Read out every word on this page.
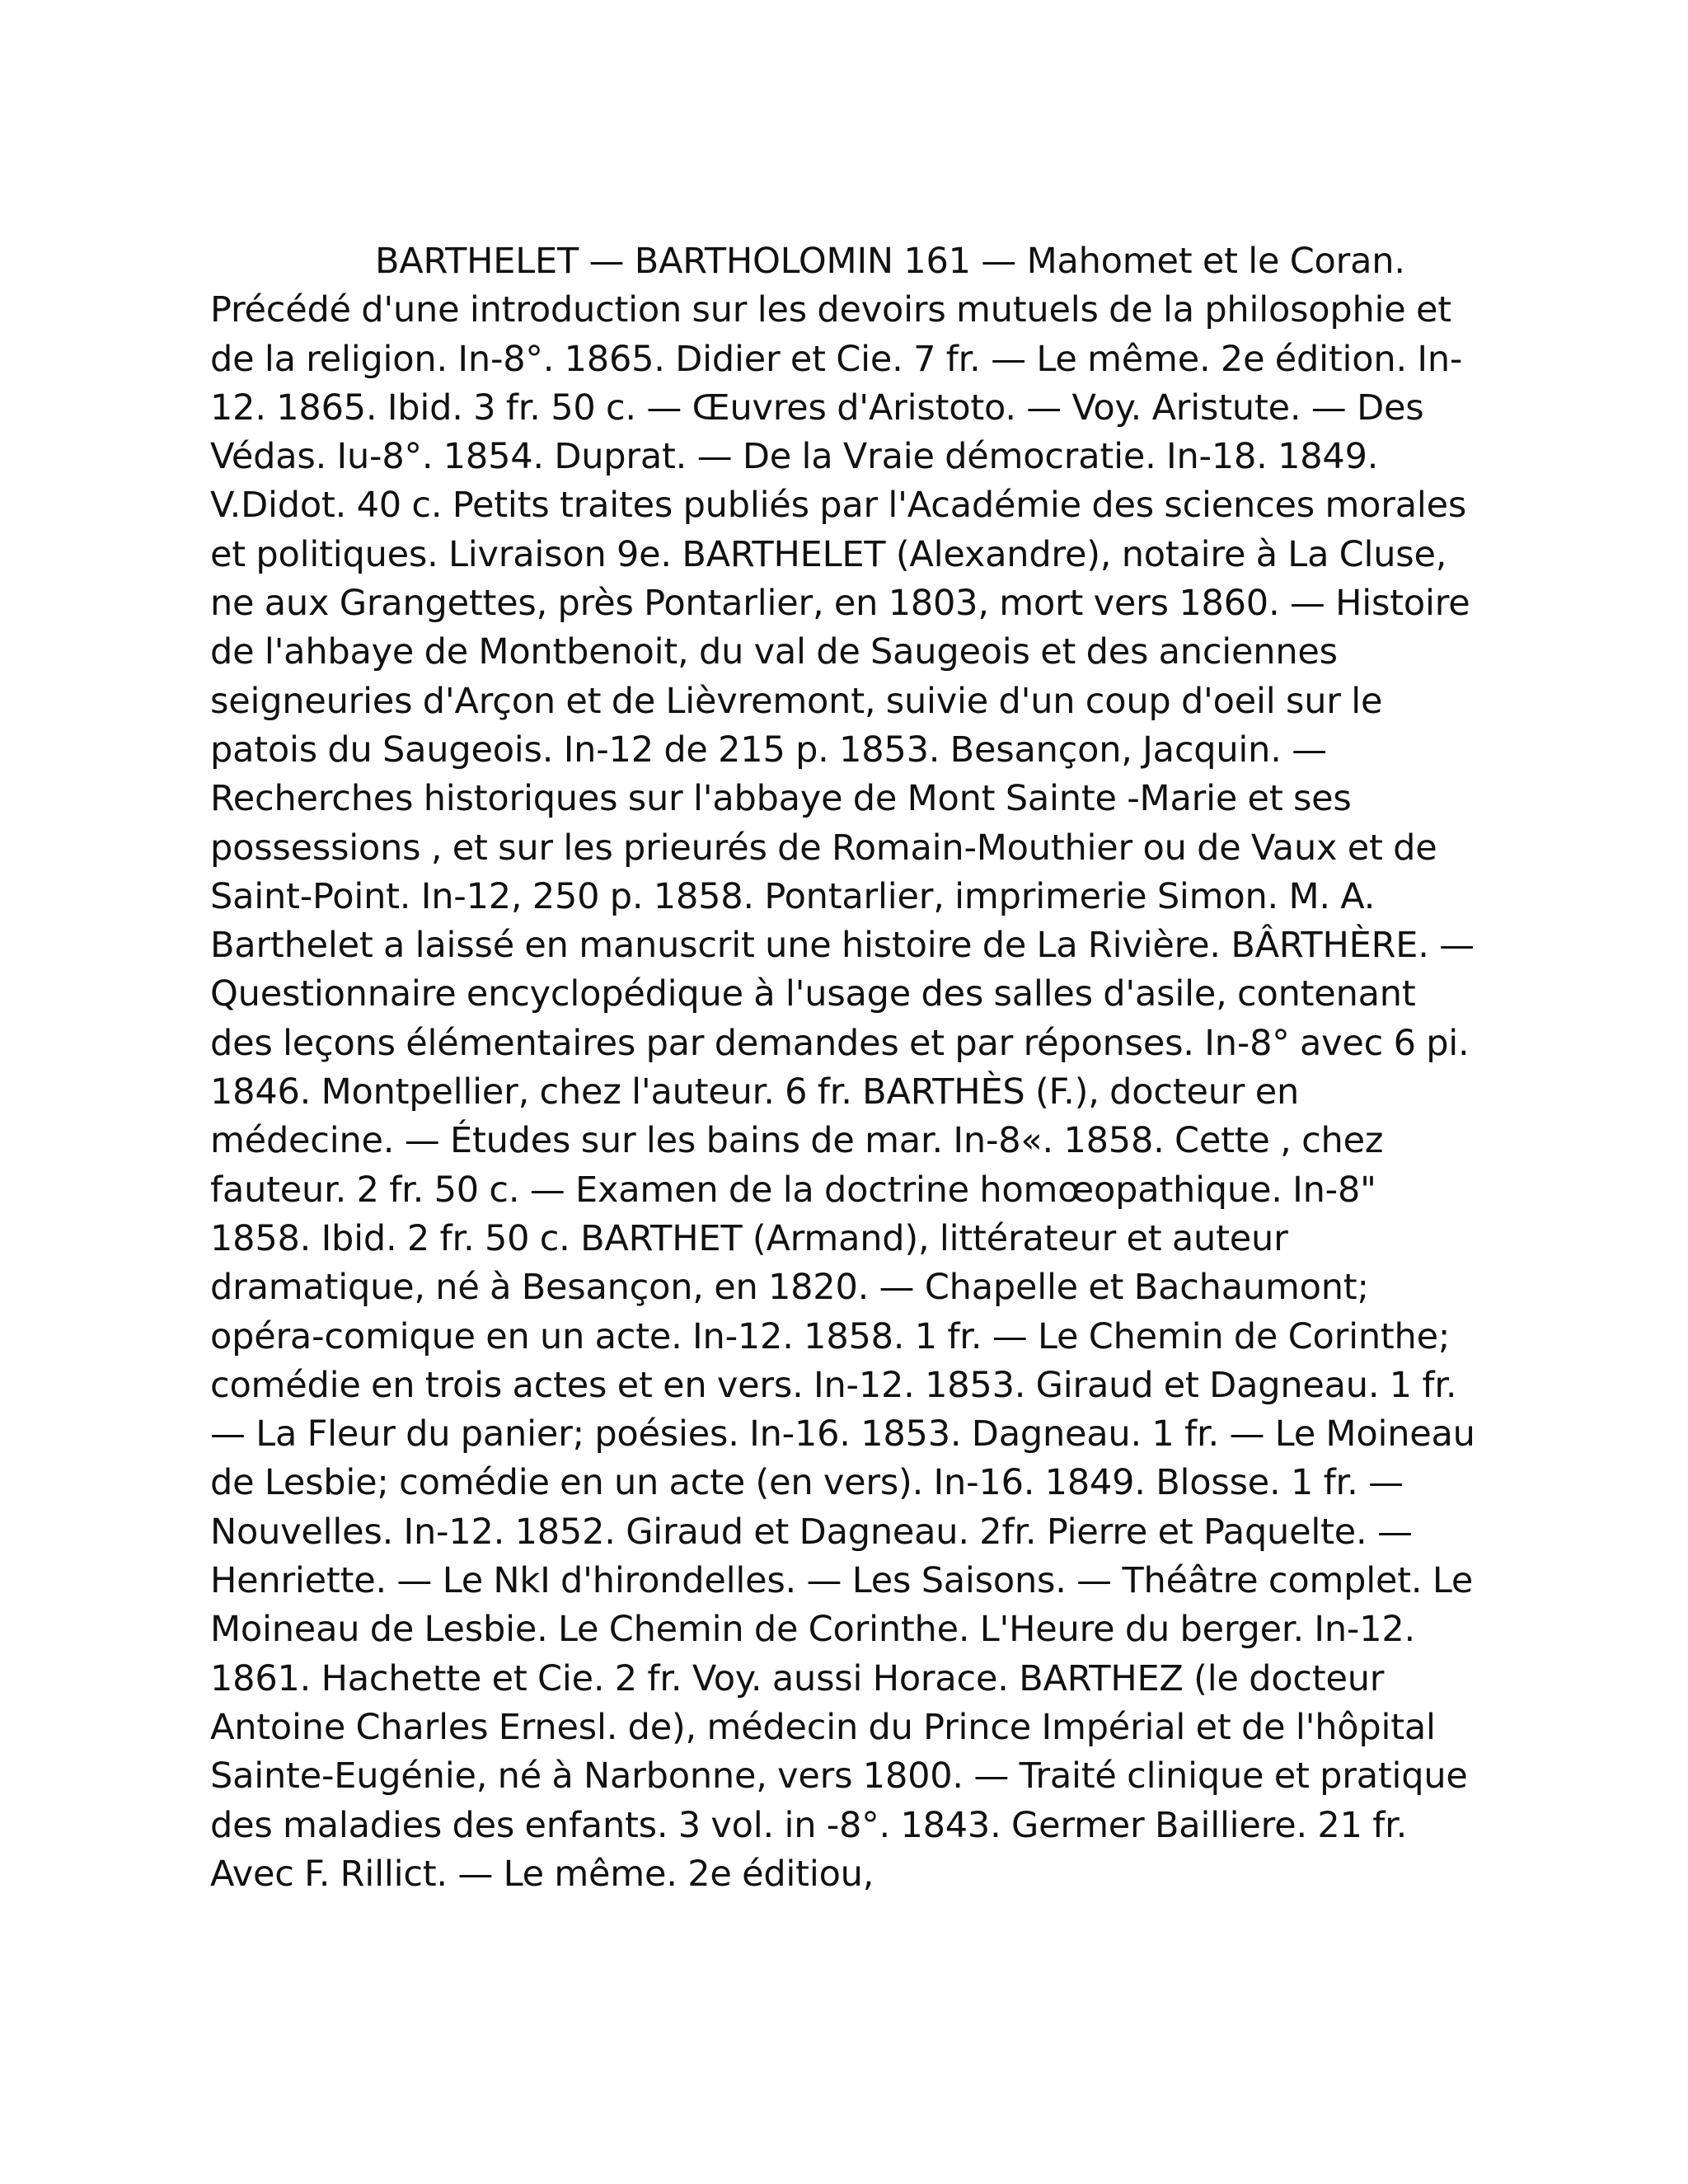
BARTHELET — BARTHOLOMIN 161 — Mahomet et le Coran. Précédé d'une introduction sur les devoirs mutuels de la philosophie et de la religion. In-8°. 1865. Didier et Cie. 7 fr. — Le même. 2e édition. In- 12. 1865. Ibid. 3 fr. 50 c. — Œuvres d'Aristoto. — Voy. Aristute. — Des Védas. Iu-8°. 1854. Duprat. — De la Vraie démocratie. In-18. 1849. V.Didot. 40 c. Petits traites publiés par l'Académie des sciences morales et politiques. Livraison 9e. BARTHELET (Alexandre), notaire à La Cluse, ne aux Grangettes, près Pontarlier, en 1803, mort vers 1860. — Histoire de l'ahbaye de Montbenoit, du val de Saugeois et des anciennes seigneuries d'Arçon et de Lièvremont, suivie d'un coup d'oeil sur le patois du Saugeois. In-12 de 215 p. 1853. Besançon, Jacquin. — Recherches historiques sur l'abbaye de Mont Sainte -Marie et ses possessions , et sur les prieurés de Romain-Mouthier ou de Vaux et de Saint-Point. In-12, 250 p. 1858. Pontarlier, imprimerie Simon. M. A. Barthelet a laissé en manuscrit une histoire de La Rivière. BÂRTHÈRE. — Questionnaire encyclopédique à l'usage des salles d'asile, contenant des leçons élémentaires par demandes et par réponses. In-8° avec 6 pi. 1846. Montpellier, chez l'auteur. 6 fr. BARTHÈS (F.), docteur en médecine. — Études sur les bains de mar. In-8«. 1858. Cette , chez fauteur. 2 fr. 50 c. — Examen de la doctrine homœopathique. In-8" 1858. Ibid. 2 fr. 50 c. BARTHET (Armand), littérateur et auteur dramatique, né à Besançon, en 1820. — Chapelle et Bachaumont; opéra-comique en un acte. In-12. 1858. 1 fr. — Le Chemin de Corinthe; comédie en trois actes et en vers. In-12. 1853. Giraud et Dagneau. 1 fr. — La Fleur du panier; poésies. In-16. 1853. Dagneau. 1 fr. — Le Moineau de Lesbie; comédie en un acte (en vers). In-16. 1849. Blosse. 1 fr. — Nouvelles. In-12. 1852. Giraud et Dagneau. 2fr. Pierre et Paquelte. — Henriette. — Le NkI d'hirondelles. — Les Saisons. — Théâtre complet. Le Moineau de Lesbie. Le Chemin de Corinthe. L'Heure du berger. In-12. 1861. Hachette et Cie. 2 fr. Voy. aussi Horace. BARTHEZ (le docteur Antoine Charles Ernesl. de), médecin du Prince Impérial et de l'hôpital Sainte-Eugénie, né à Narbonne, vers 1800. — Traité clinique et pratique des maladies des enfants. 3 vol. in -8°. 1843. Germer Bailliere. 21 fr. Avec F. Rillict. — Le même. 2e éditiou,
